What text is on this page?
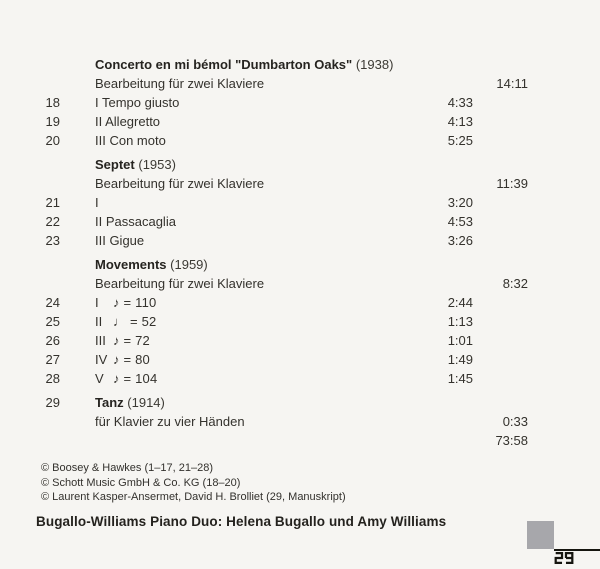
Concerto en mi bémol "Dumbarton Oaks" (1938)
Bearbeitung für zwei Klaviere	14:11
18	I Tempo giusto	4:33
19	II Allegretto	4:13
20	III Con moto	5:25
Septet (1953)
Bearbeitung für zwei Klaviere	11:39
21	I	3:20
22	II Passacaglia	4:53
23	III Gigue	3:26
Movements (1959)
Bearbeitung für zwei Klaviere	8:32
24	I ♪ = 110	2:44
25	II ♩ = 52	1:13
26	III ♪ = 72	1:01
27	IV ♪ = 80	1:49
28	V ♪ = 104	1:45
29	Tanz (1914)
für Klavier zu vier Händen	0:33
73:58
© Boosey & Hawkes (1–17, 21–28)
© Schott Music GmbH & Co. KG (18–20)
© Laurent Kasper-Ansermet, David H. Brolliet (29, Manuskript)
Bugallo-Williams Piano Duo: Helena Bugallo und Amy Williams
